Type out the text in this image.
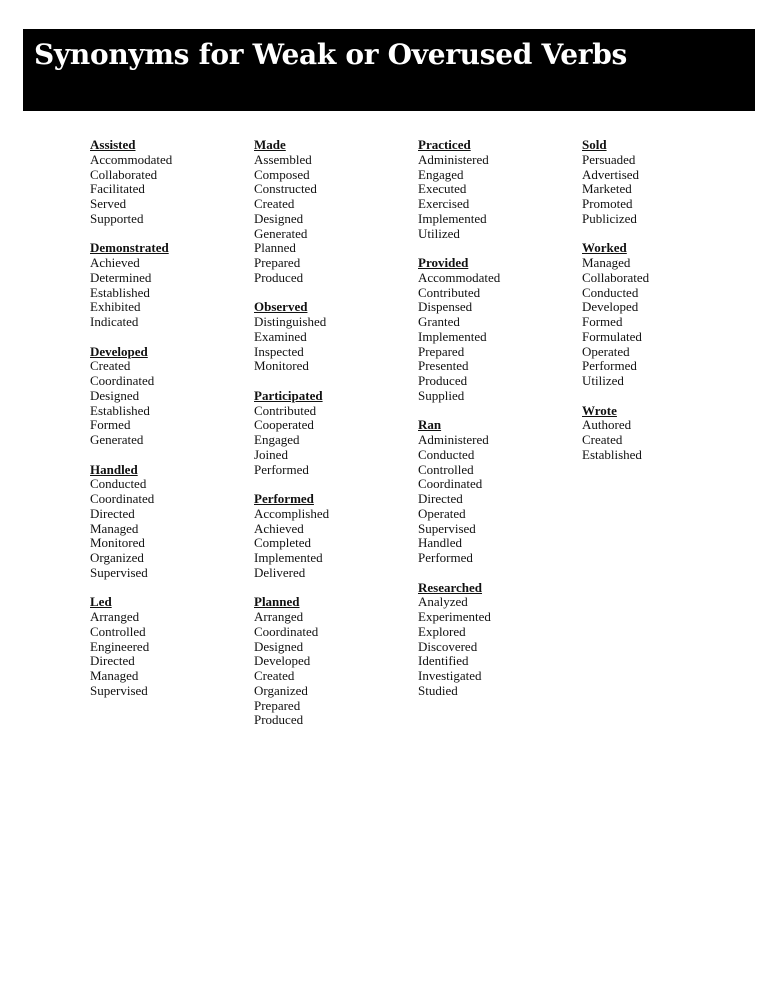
Synonyms for Weak or Overused Verbs
Assisted
Accommodated
Collaborated
Facilitated
Served
Supported
Demonstrated
Achieved
Determined
Established
Exhibited
Indicated
Developed
Created
Coordinated
Designed
Established
Formed
Generated
Handled
Conducted
Coordinated
Directed
Managed
Monitored
Organized
Supervised
Led
Arranged
Controlled
Engineered
Directed
Managed
Supervised
Made
Assembled
Composed
Constructed
Created
Designed
Generated
Planned
Prepared
Produced
Observed
Distinguished
Examined
Inspected
Monitored
Participated
Contributed
Cooperated
Engaged
Joined
Performed
Performed
Accomplished
Achieved
Completed
Implemented
Delivered
Planned
Arranged
Coordinated
Designed
Developed
Created
Organized
Prepared
Produced
Practiced
Administered
Engaged
Executed
Exercised
Implemented
Utilized
Provided
Accommodated
Contributed
Dispensed
Granted
Implemented
Prepared
Presented
Produced
Supplied
Ran
Administered
Conducted
Controlled
Coordinated
Directed
Operated
Supervised
Handled
Performed
Researched
Analyzed
Experimented
Explored
Discovered
Identified
Investigated
Studied
Sold
Persuaded
Advertised
Marketed
Promoted
Publicized
Worked
Managed
Collaborated
Conducted
Developed
Formed
Formulated
Operated
Performed
Utilized
Wrote
Authored
Created
Established
